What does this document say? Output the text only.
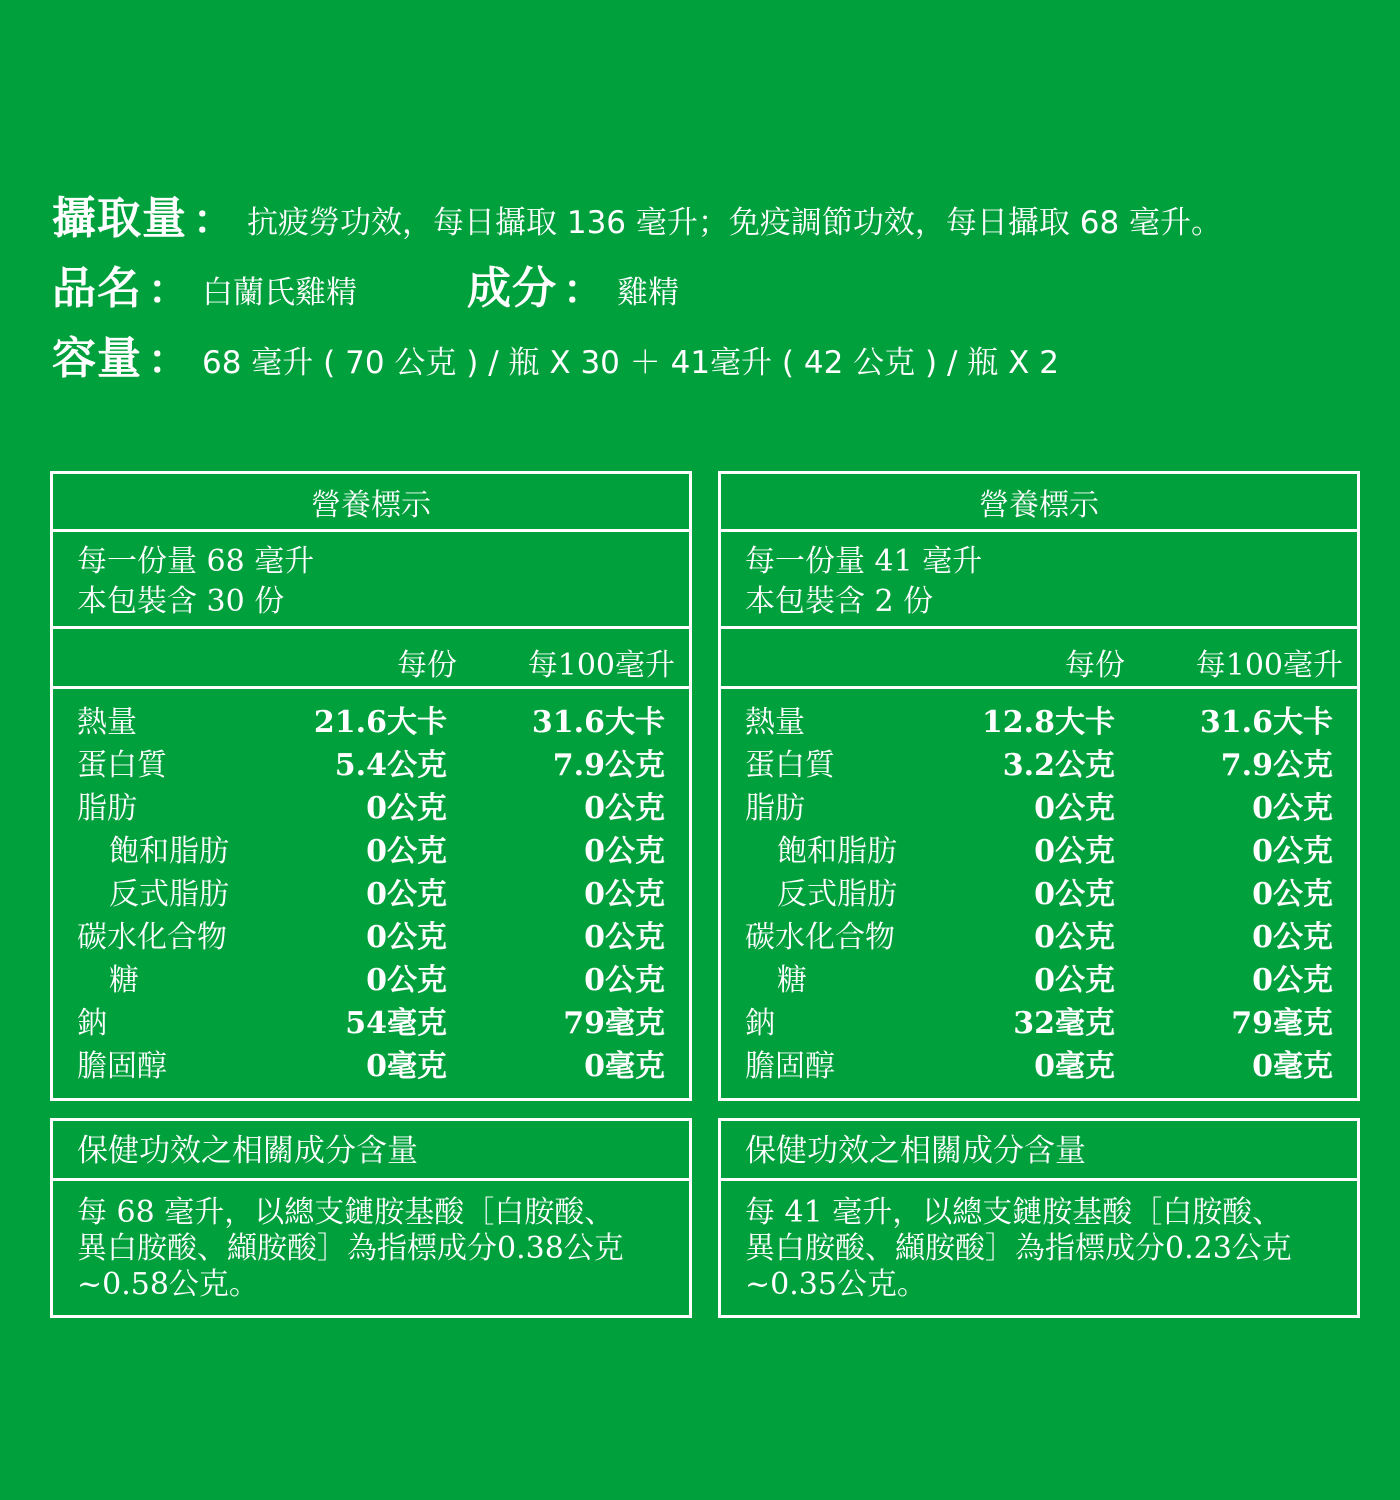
攝取量 ： 抗疲勞功效，每日攝取 136 毫升；免疫調節功效，每日攝取 68 毫升。
品名 ： 白蘭氏雞精	成分 ： 雞精
容量 ： 68 毫升 ( 70 公克 ) / 瓶 X 30 ＋ 41毫升 ( 42 公克 ) / 瓶 X 2
營養標示
每一份量 68 毫升
本包裝含 30 份
每份 每100毫升
熱量	21.6大卡	31.6大卡
蛋白質	5.4公克	7.9公克
脂肪	0公克	0公克
飽和脂肪	0公克	0公克
反式脂肪	0公克	0公克
碳水化合物	0公克	0公克
糖	0公克	0公克
鈉	54毫克	79毫克
膽固醇	0毫克	0毫克
營養標示
每一份量 41 毫升
本包裝含 2 份
每份 每100毫升
熱量	12.8大卡	31.6大卡
蛋白質	3.2公克	7.9公克
脂肪	0公克	0公克
飽和脂肪	0公克	0公克
反式脂肪	0公克	0公克
碳水化合物	0公克	0公克
糖	0公克	0公克
鈉	32毫克	79毫克
膽固醇	0毫克	0毫克
保健功效之相關成分含量
每 68 毫升，以總支鏈胺基酸［白胺酸、
異白胺酸、纈胺酸］為指標成分0.38公克
~0.58公克。
保健功效之相關成分含量
每 41 毫升，以總支鏈胺基酸［白胺酸、
異白胺酸、纈胺酸］為指標成分0.23公克
~0.35公克。
